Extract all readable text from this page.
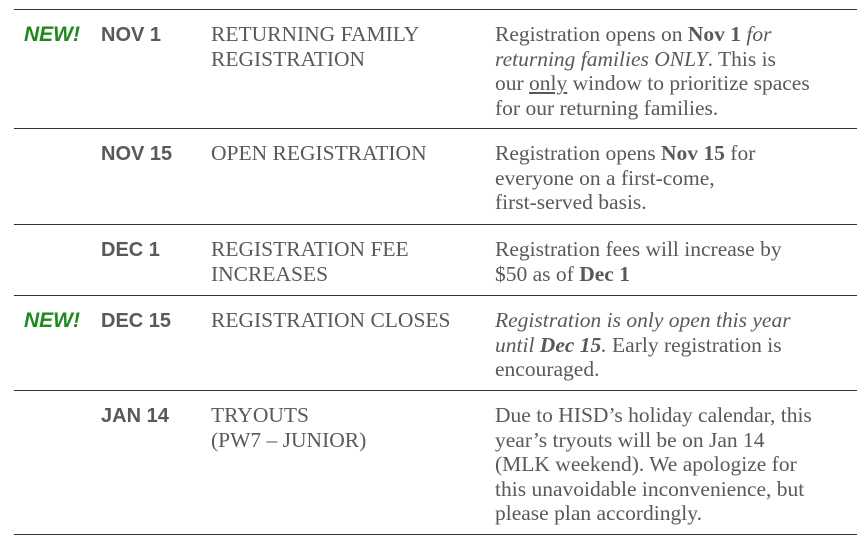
NEW! NOV 1 RETURNING FAMILY
REGISTRATION
Registration opens on Nov 1 for
returning families ONLY. This is
our only window to prioritize spaces
for our returning families.
NOV 15 OPEN REGISTRATION	Registration opens Nov 15 for
everyone on a first-come,
first-served basis.
DEC 1 REGISTRATION FEE
INCREASES
Registration fees will increase by
$50 as of Dec 1
NEW! DEC 15 REGISTRATION CLOSES	Registration is only open this year
until Dec 15. Early registration is
encouraged.
JAN 14 TRYOUTS
(PW7 – JUNIOR)
Due to HISD’s holiday calendar, this
year’s tryouts will be on Jan 14
(MLK weekend). We apologize for
this unavoidable inconvenience, but
please plan accordingly.
